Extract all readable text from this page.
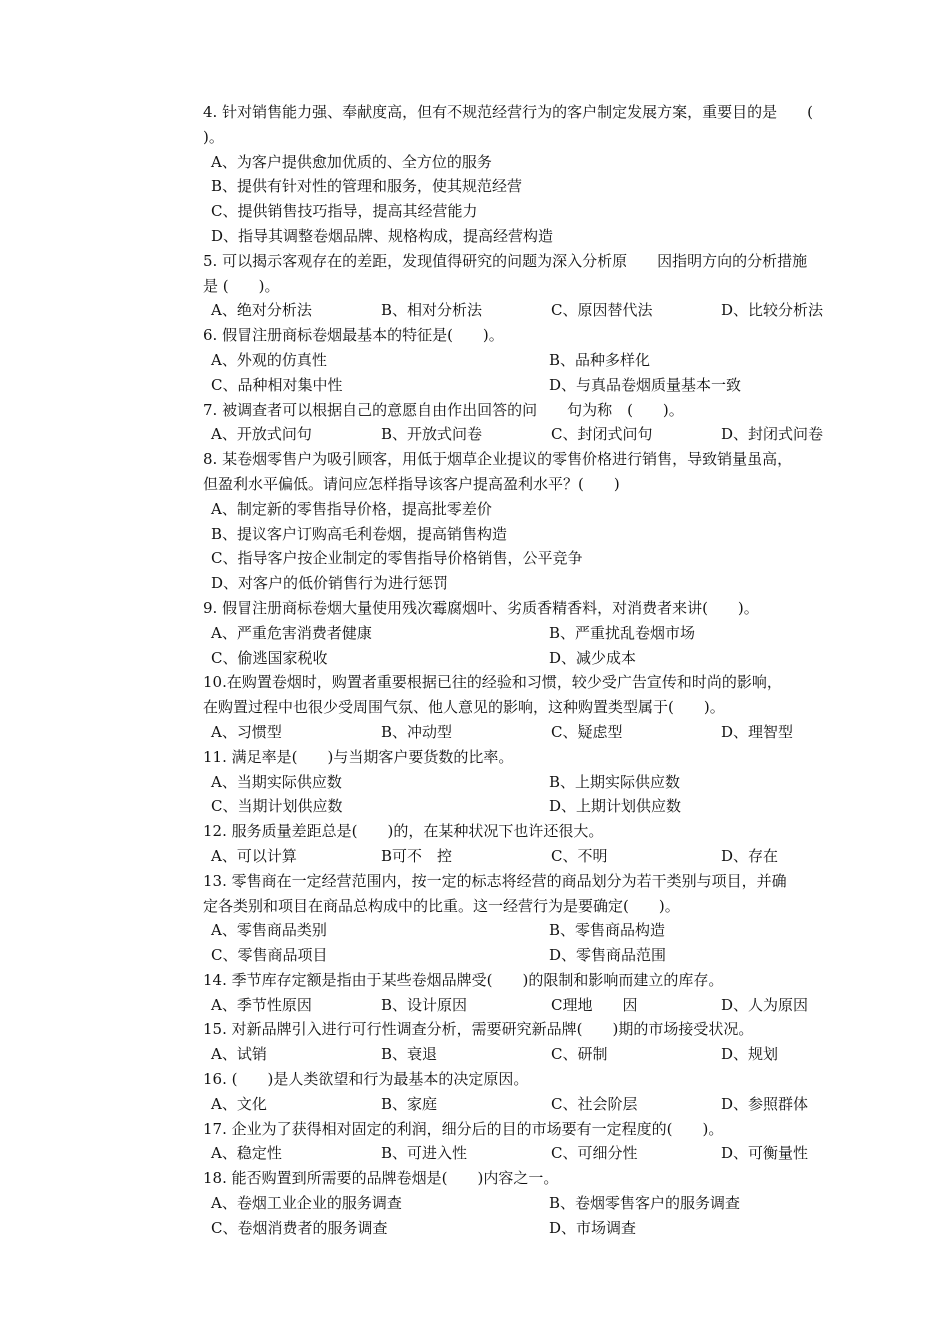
4. 针对销售能力强、奉献度高，但有不规范经营行为的客户制定发展方案，重要目的是　　(
)。
A、为客户提供愈加优质的、全方位的服务
B、提供有针对性的管理和服务，使其规范经营
C、提供销售技巧指导，提高其经营能力
D、指导其调整卷烟品牌、规格构成，提高经营构造
5. 可以揭示客观存在的差距，发现值得研究的问题为深入分析原　　因指明方向的分析措施
是 (　　)。
A、绝对分析法	B、相对分析法	C、原因替代法	D、比较分析法
6. 假冒注册商标卷烟最基本的特征是(　　)。
A、外观的仿真性	B、品种多样化
C、品种相对集中性	D、与真品卷烟质量基本一致
7. 被调查者可以根据自己的意愿自由作出回答的问　　句为称　(　　)。
A、开放式问句	B、开放式问卷	C、封闭式问句	D、封闭式问卷
8. 某卷烟零售户为吸引顾客，用低于烟草企业提议的零售价格进行销售，导致销量虽高，
但盈利水平偏低。请问应怎样指导该客户提高盈利水平？(　　)
A、制定新的零售指导价格，提高批零差价
B、提议客户订购高毛利卷烟，提高销售构造
C、指导客户按企业制定的零售指导价格销售，公平竞争
D、对客户的低价销售行为进行惩罚
9. 假冒注册商标卷烟大量使用残次霉腐烟叶、劣质香精香料，对消费者来讲(　　)。
A、严重危害消费者健康	B、严重扰乱卷烟市场
C、偷逃国家税收	D、减少成本
10.在购置卷烟时，购置者重要根据已往的经验和习惯，较少受广告宣传和时尚的影响，
在购置过程中也很少受周围气氛、他人意见的影响，这种购置类型属于(　　)。
A、习惯型	B、冲动型	C、疑虑型	D、理智型
11. 满足率是(　　)与当期客户要货数的比率。
A、当期实际供应数	B、上期实际供应数
C、当期计划供应数	D、上期计划供应数
12. 服务质量差距总是(　　)的，在某种状况下也许还很大。
A、可以计算	B可不　控	C、不明	D、存在
13. 零售商在一定经营范围内，按一定的标志将经营的商品划分为若干类别与项目，并确
定各类别和项目在商品总构成中的比重。这一经营行为是要确定(　　)。
A、零售商品类别	B、零售商品构造
C、零售商品项目	D、零售商品范围
14. 季节库存定额是指由于某些卷烟品牌受(　　)的限制和影响而建立的库存。
A、季节性原因	B、设计原因	C理地　　因	D、人为原因
15. 对新品牌引入进行可行性调查分析，需要研究新品牌(　　)期的市场接受状况。
A、试销	B、衰退	C、研制	D、规划
16. (　　)是人类欲望和行为最基本的决定原因。
A、文化	B、家庭	C、社会阶层	D、参照群体
17. 企业为了获得相对固定的利润，细分后的目的市场要有一定程度的(　　)。
A、稳定性	B、可进入性	C、可细分性	D、可衡量性
18. 能否购置到所需要的品牌卷烟是(　　)内容之一。
A、卷烟工业企业的服务调查	B、卷烟零售客户的服务调查
C、卷烟消费者的服务调查	D、市场调查
